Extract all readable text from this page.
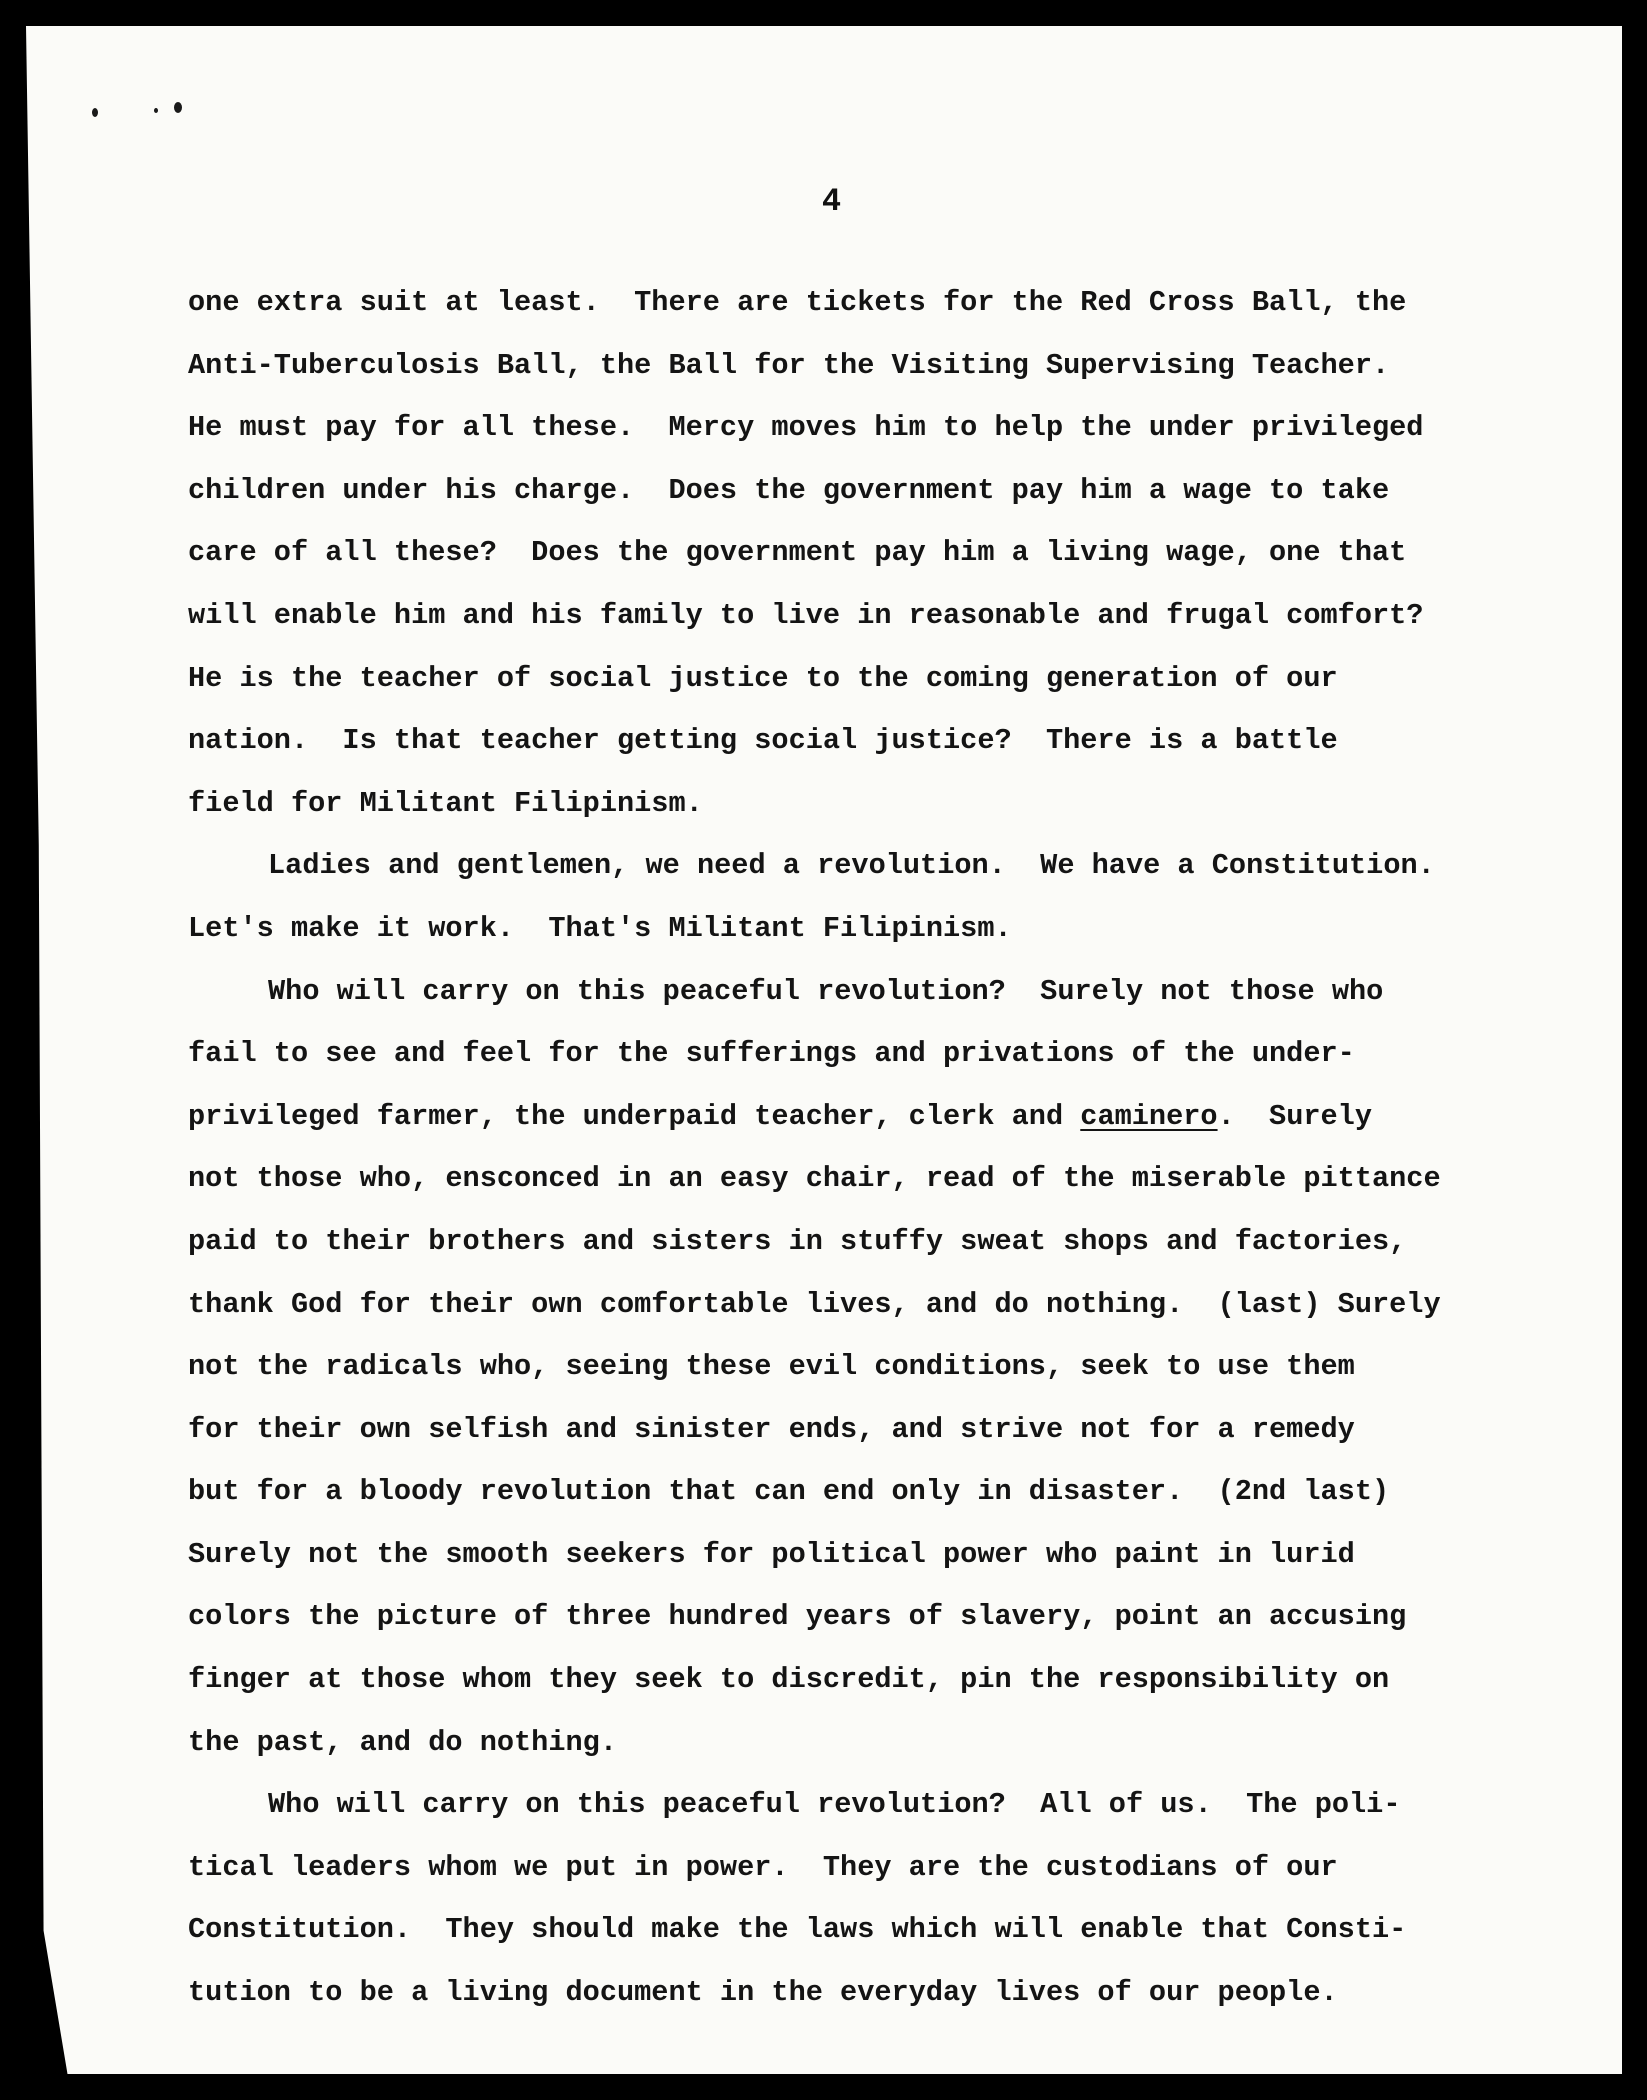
4
one extra suit at least.  There are tickets for the Red Cross Ball, the
Anti-Tuberculosis Ball, the Ball for the Visiting Supervising Teacher.
He must pay for all these.  Mercy moves him to help the under privileged
children under his charge.  Does the government pay him a wage to take
care of all these?  Does the government pay him a living wage, one that
will enable him and his family to live in reasonable and frugal comfort?
He is the teacher of social justice to the coming generation of our
nation.  Is that teacher getting social justice?  There is a battle
field for Militant Filipinism.
Ladies and gentlemen, we need a revolution.  We have a Constitution.
Let's make it work.  That's Militant Filipinism.
Who will carry on this peaceful revolution?  Surely not those who
fail to see and feel for the sufferings and privations of the under-
privileged farmer, the underpaid teacher, clerk and caminero.  Surely
not those who, ensconced in an easy chair, read of the miserable pittance
paid to their brothers and sisters in stuffy sweat shops and factories,
thank God for their own comfortable lives, and do nothing.  (last) Surely
not the radicals who, seeing these evil conditions, seek to use them
for their own selfish and sinister ends, and strive not for a remedy
but for a bloody revolution that can end only in disaster.  (2nd last)
Surely not the smooth seekers for political power who paint in lurid
colors the picture of three hundred years of slavery, point an accusing
finger at those whom they seek to discredit, pin the responsibility on
the past, and do nothing.
Who will carry on this peaceful revolution?  All of us.  The poli-
tical leaders whom we put in power.  They are the custodians of our
Constitution.  They should make the laws which will enable that Consti-
tution to be a living document in the everyday lives of our people.
